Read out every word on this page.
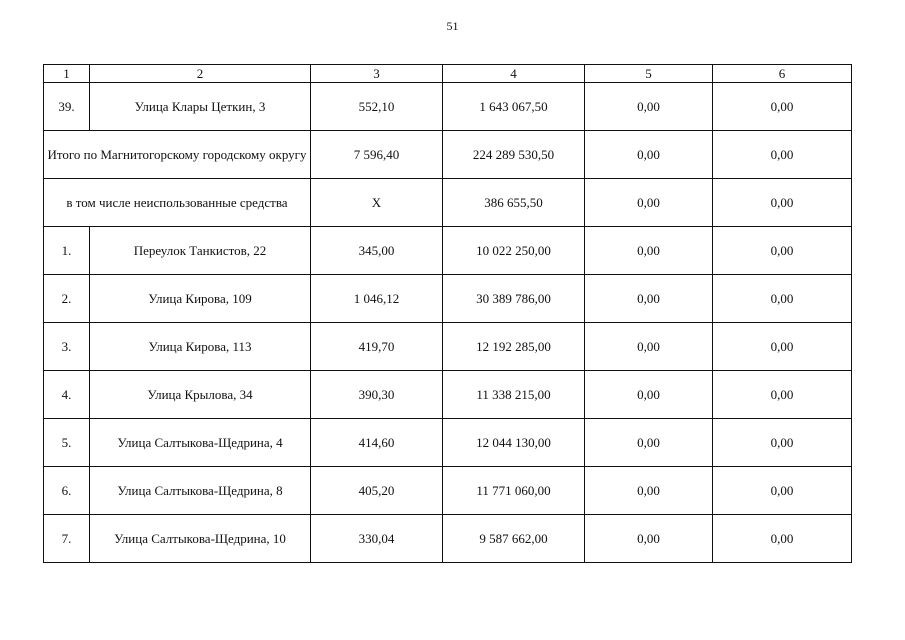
51
1	2	3	4	5	6
39.	Улица Клары Цеткин, 3	552,10	1 643 067,50	0,00	0,00
Итого по Магнитогорскому городскому округу		7 596,40	224 289 530,50	0,00	0,00
в том числе неиспользованные средства		Х	386 655,50	0,00	0,00
1.	Переулок Танкистов, 22	345,00	10 022 250,00	0,00	0,00
2.	Улица Кирова, 109	1 046,12	30 389 786,00	0,00	0,00
3.	Улица Кирова, 113	419,70	12 192 285,00	0,00	0,00
4.	Улица Крылова, 34	390,30	11 338 215,00	0,00	0,00
5.	Улица Салтыкова-Щедрина, 4	414,60	12 044 130,00	0,00	0,00
6.	Улица Салтыкова-Щедрина, 8	405,20	11 771 060,00	0,00	0,00
7.	Улица Салтыкова-Щедрина, 10	330,04	9 587 662,00	0,00	0,00
